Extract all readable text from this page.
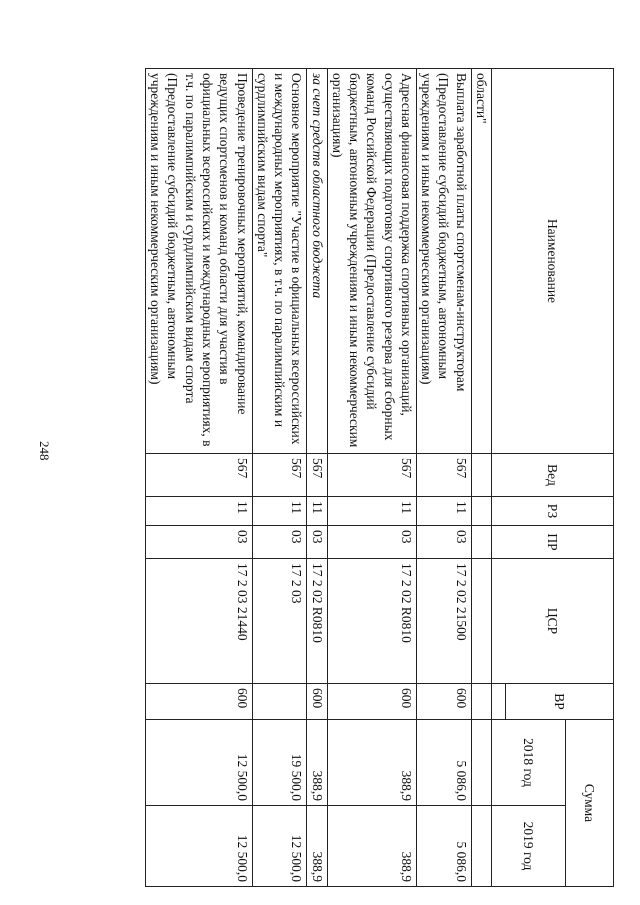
248
Наименование	Вед	РЗ	ПР	ЦСР	ВР	Сумма	
						2018 год	2019 год

области"							
Выплата заработной платы спортсменам-инструкторам (Предоставление субсидий бюджетным, автономным учреждениям и иным некоммерческим организациям)	567	11	03	17 2 02 21500	600	5 086,0	5 086,0
Адресная финансовая поддержка спортивных организаций, осуществляющих подготовку спортивного резерва для сборных команд Российской Федерации (Предоставление субсидий бюджетным, автономным учреждениям и иным некоммерческим организациям)	567	11	03	17 2 02 R0810	600	388,9	388,9
за счет средств областного бюджета	567	11	03	17 2 02 R0810	600	388,9	388,9
Основное мероприятие "Участие в официальных всероссийских и международных мероприятиях, в т.ч. по паралимпийским и сурдлимпийским видам спорта"	567	11	03	17 2 03		19 500,0	12 500,0
Проведение тренировочных мероприятий, командирование ведущих спортсменов и команд области для участия в официальных всероссийских и международных мероприятиях, в т.ч. по паралимпийским и сурдлимпийским видам спорта (Предоставление субсидий бюджетным, автономным учреждениям и иным некоммерческим организациям)	567	11	03	17 2 03 21440	600	12 500,0	12 500,0
